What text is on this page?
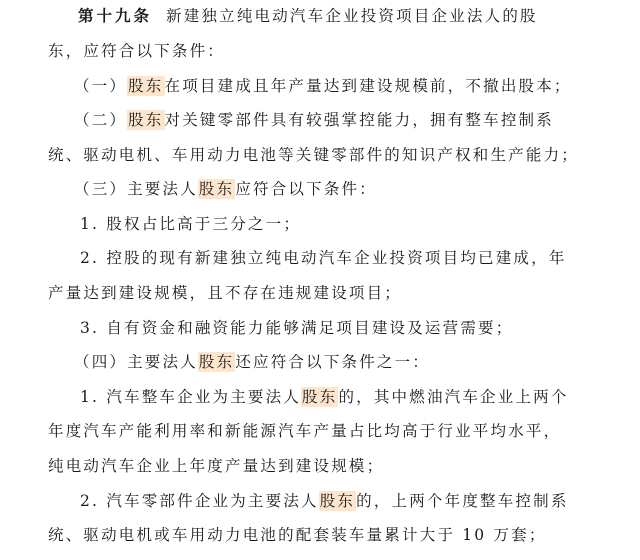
第十九条 新建独立纯电动汽车企业投资项目企业法人的股
东，应符合以下条件：
（一）股东在项目建成且年产量达到建设规模前，不撤出股本；
（二）股东对关键零部件具有较强掌控能力，拥有整车控制系
统、驱动电机、车用动力电池等关键零部件的知识产权和生产能力；
（三）主要法人股东应符合以下条件：
1. 股权占比高于三分之一；
2. 控股的现有新建独立纯电动汽车企业投资项目均已建成，年
产量达到建设规模，且不存在违规建设项目；
3. 自有资金和融资能力能够满足项目建设及运营需要；
（四）主要法人股东还应符合以下条件之一：
1. 汽车整车企业为主要法人股东的，其中燃油汽车企业上两个
年度汽车产能利用率和新能源汽车产量占比均高于行业平均水平，
纯电动汽车企业上年度产量达到建设规模；
2. 汽车零部件企业为主要法人股东的，上两个年度整车控制系
统、驱动电机或车用动力电池的配套装车量累计大于 10 万套；
